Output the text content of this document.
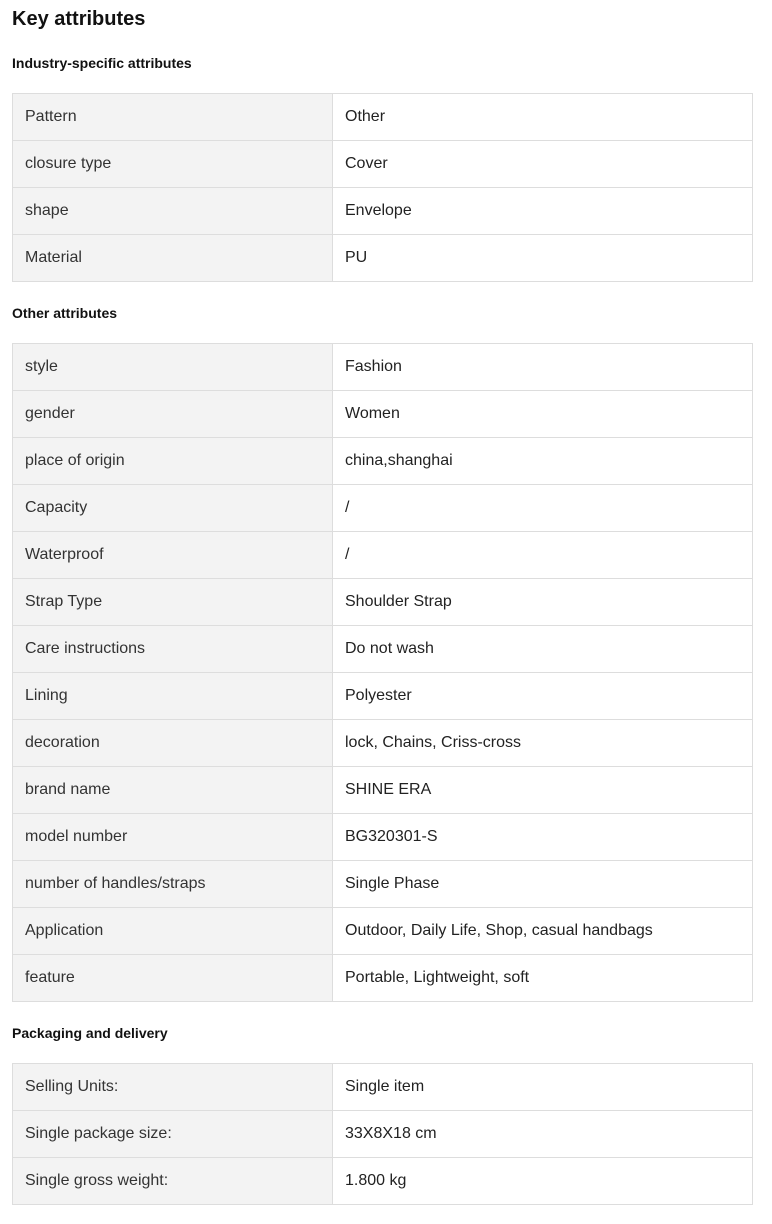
Key attributes
Industry-specific attributes
Pattern	Other
closure type	Cover
shape	Envelope
Material	PU
Other attributes
style	Fashion
gender	Women
place of origin	china,shanghai
Capacity	/
Waterproof	/
Strap Type	Shoulder Strap
Care instructions	Do not wash
Lining	Polyester
decoration	lock, Chains, Criss-cross
brand name	SHINE ERA
model number	BG320301-S
number of handles/straps	Single Phase
Application	Outdoor, Daily Life, Shop, casual handbags
feature	Portable, Lightweight, soft
Packaging and delivery
Selling Units:	Single item
Single package size:	33X8X18 cm
Single gross weight:	1.800 kg
